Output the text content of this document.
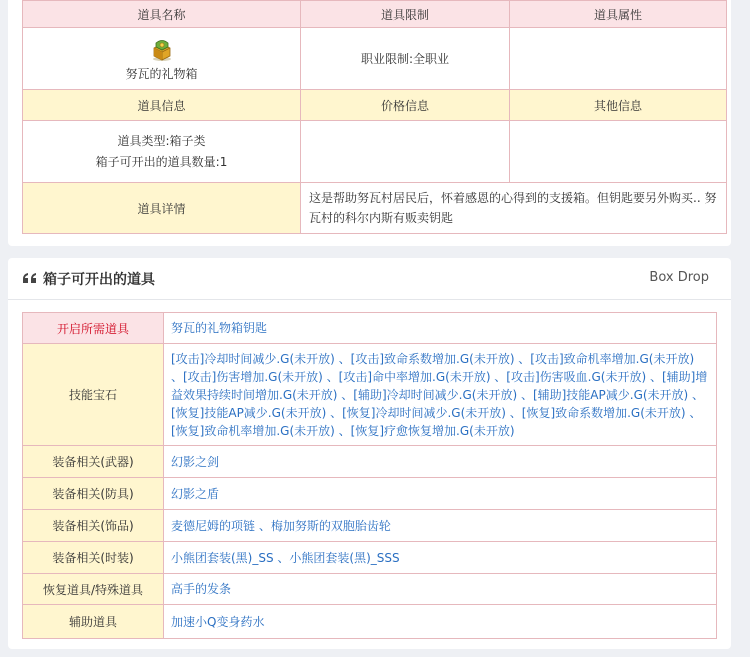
道具名称	道具限制	道具属性

努瓦的礼物箱	职业限制:全职业	
道具信息	价格信息	其他信息

道具类型:箱子类
箱子可开出的道具数量:1		

道具详情	这是帮助努瓦村居民后，怀着感恩的心得到的支援箱。但钥匙要另外购买.. 努瓦村的科尔内斯有贩卖钥匙	
箱子可开出的道具	Box Drop
开启所需道具	努瓦的礼物箱钥匙
技能宝石	[攻击]冷却时间减少.G(未开放) 、[攻击]致命系数增加.G(未开放) 、[攻击]致命机率增加.G(未开放) 、[攻击]伤害增加.G(未开放) 、[攻击]命中率增加.G(未开放) 、[攻击]伤害吸血.G(未开放) 、[辅助]增益效果持续时间增加.G(未开放) 、[辅助]冷却时间减少.G(未开放) 、[辅助]技能AP减少.G(未开放) 、[恢复]技能AP减少.G(未开放) 、[恢复]冷却时间减少.G(未开放) 、[恢复]致命系数增加.G(未开放) 、[恢复]致命机率增加.G(未开放) 、[恢复]疗愈恢复增加.G(未开放)
装备相关(武器)	幻影之剑
装备相关(防具)	幻影之盾
装备相关(饰品)	麦德尼姆的项链 、梅加努斯的双胞胎齿轮
装备相关(时装)	小熊团套装(黑)_SS 、小熊团套装(黑)_SSS
恢复道具/特殊道具	高手的发条
辅助道具	加速小Q变身药水
